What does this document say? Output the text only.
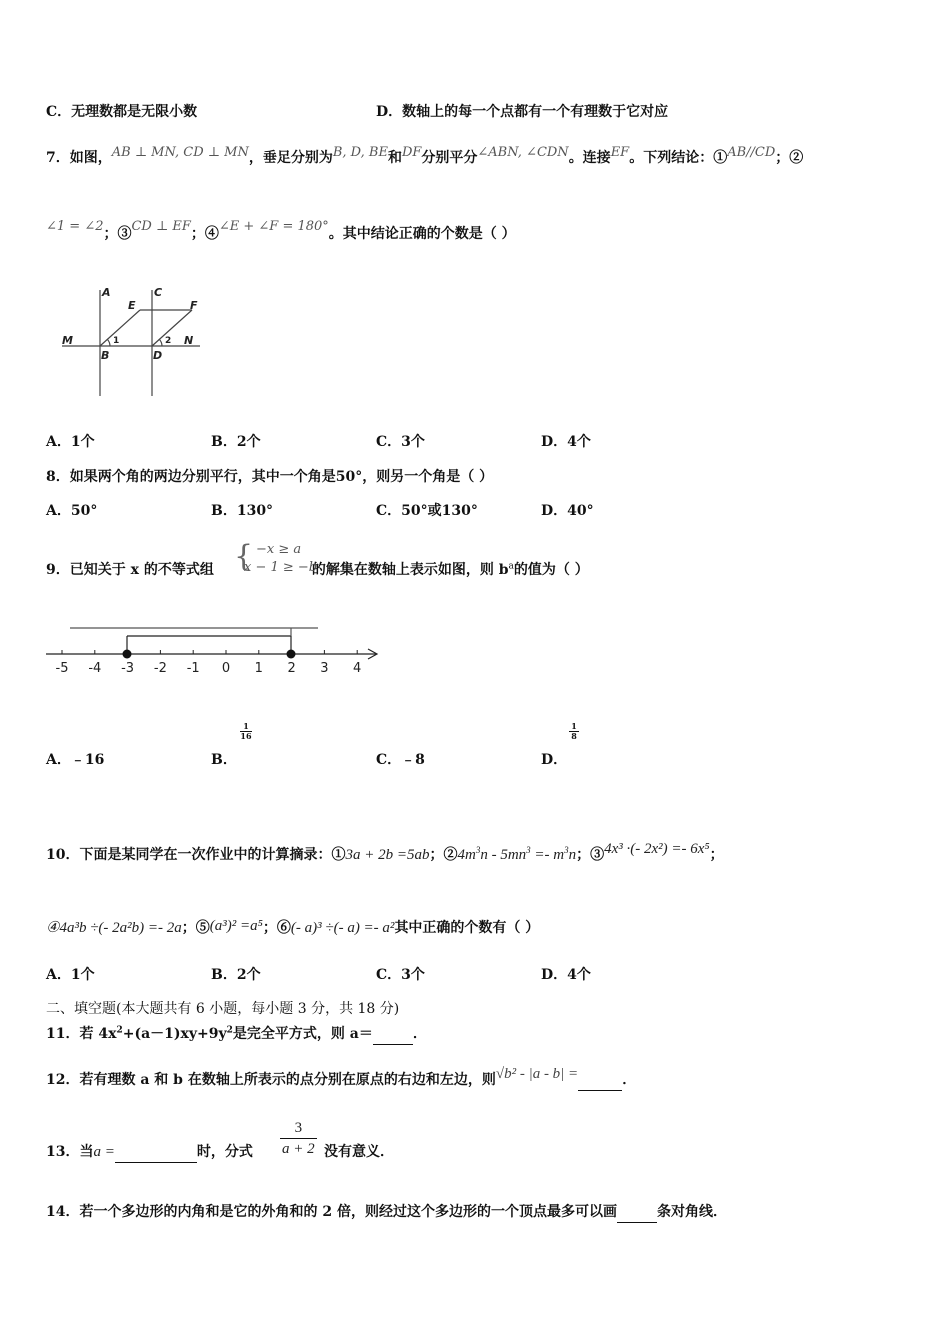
C．无理数都是无限小数	D．数轴上的每一个点都有一个有理数于它对应
7．如图，AB ⊥ MN, CD ⊥ MN，垂足分别为B, D, BE和DF分别平分∠ABN, ∠CDN。连接EF。下列结论：①AB//CD；②
∠1 = ∠2；③CD ⊥ EF；④∠E + ∠F = 180°。其中结论正确的个数是（ ）
A	C
E	F
M	N
B	D
1	2
A．1个	B．2个	C．3个	D．4个
8．如果两个角的两边分别平行，其中一个角是50°，则另一个角是（ ）
A．50°	B．130°	C．50°或130°	D．40°
9．已知关于 x 的不等式组	的解集在数轴上表示如图，则 $b^a$的值为（ ）
{ −x ≥ a
x − 1 ≥ −b
-5 -4 -3 -2 -1 0 1 2 3 4
A．﹣16	B．
$\frac{1}{16}$
C．﹣8	D．
$\frac{1}{8}$
10．下面是某同学在一次作业中的计算摘录：①3a + 2b =5ab；$②4m^3n - 5mn^3 =- m^3n$；③4x³ ·(- 2x²) =- 6x⁵；
④4a³b ÷(- 2a²b) =- 2a；⑤(a³)² =a⁵；⑥(- a)³ ÷(- a) =- a²其中正确的个数有（ ）
A．1个	B．2个	C．3个	D．4个
二、填空题(本大题共有 6 小题，每小题 3 分，共 18 分)
11．若 $4x^2+(a-1)xy+9y^2$是完全平方式，则 a＝	．
12．若有理数 a 和 b 在数轴上所表示的点分别在原点的右边和左边，则√b² - |a - b| =	．
13．当a =	时，分式 $\frac{3}{a + 2}$ 没有意义．
14．若一个多边形的内角和是它的外角和的 2 倍，则经过这个多边形的一个顶点最多可以画	条对角线．
